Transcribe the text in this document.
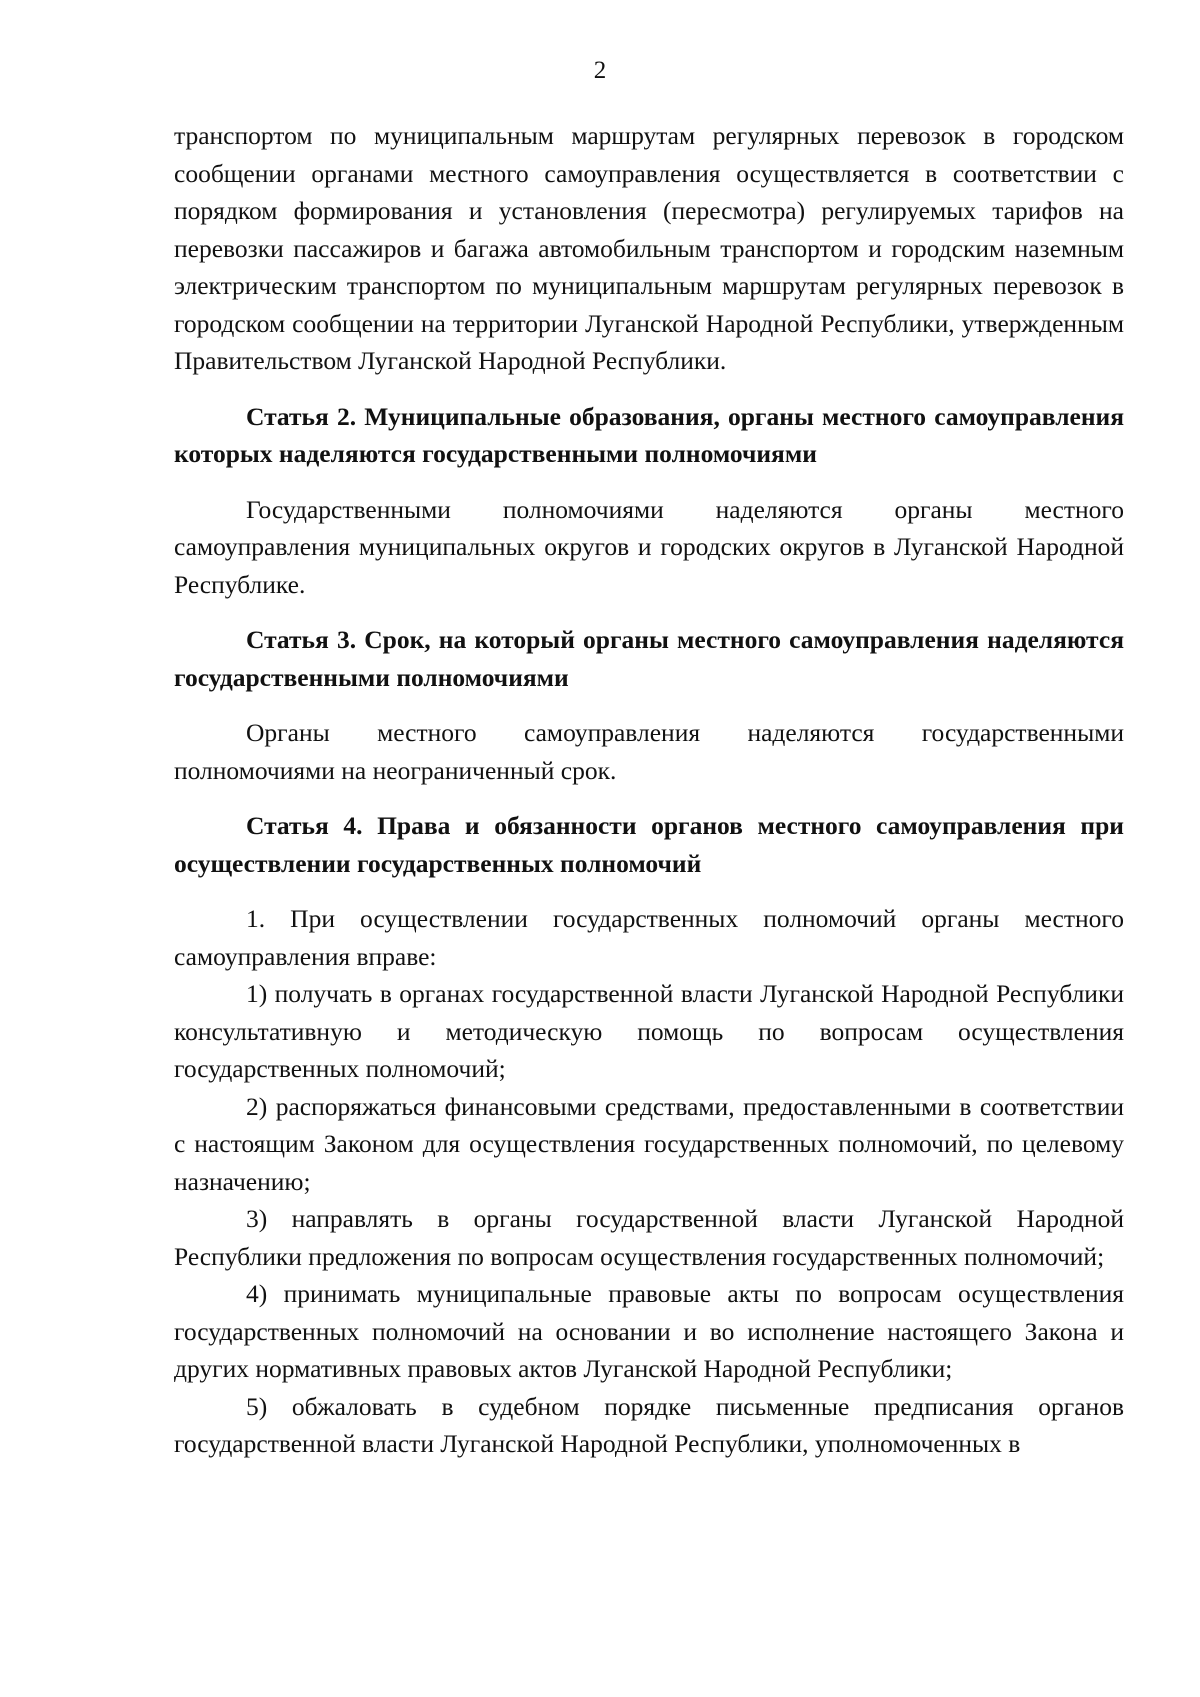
2

транспортом по муниципальным маршрутам регулярных перевозок в городском сообщении органами местного самоуправления осуществляется в соответствии с порядком формирования и установления (пересмотра) регулируемых тарифов на перевозки пассажиров и багажа автомобильным транспортом и городским наземным электрическим транспортом по муниципальным маршрутам регулярных перевозок в городском сообщении на территории Луганской Народной Республики, утвержденным Правительством Луганской Народной Республики.

Статья 2. Муниципальные образования, органы местного самоуправления которых наделяются государственными полномочиями

Государственными полномочиями наделяются органы местного самоуправления муниципальных округов и городских округов в Луганской Народной Республике.

Статья 3. Срок, на который органы местного самоуправления наделяются государственными полномочиями

Органы местного самоуправления наделяются государственными полномочиями на неограниченный срок.

Статья 4. Права и обязанности органов местного самоуправления при осуществлении государственных полномочий

1. При осуществлении государственных полномочий органы местного самоуправления вправе:

1) получать в органах государственной власти Луганской Народной Республики консультативную и методическую помощь по вопросам осуществления государственных полномочий;

2) распоряжаться финансовыми средствами, предоставленными в соответствии с настоящим Законом для осуществления государственных полномочий, по целевому назначению;

3) направлять в органы государственной власти Луганской Народной Республики предложения по вопросам осуществления государственных полномочий;

4) принимать муниципальные правовые акты по вопросам осуществления государственных полномочий на основании и во исполнение настоящего Закона и других нормативных правовых актов Луганской Народной Республики;

5) обжаловать в судебном порядке письменные предписания органов государственной власти Луганской Народной Республики, уполномоченных в
